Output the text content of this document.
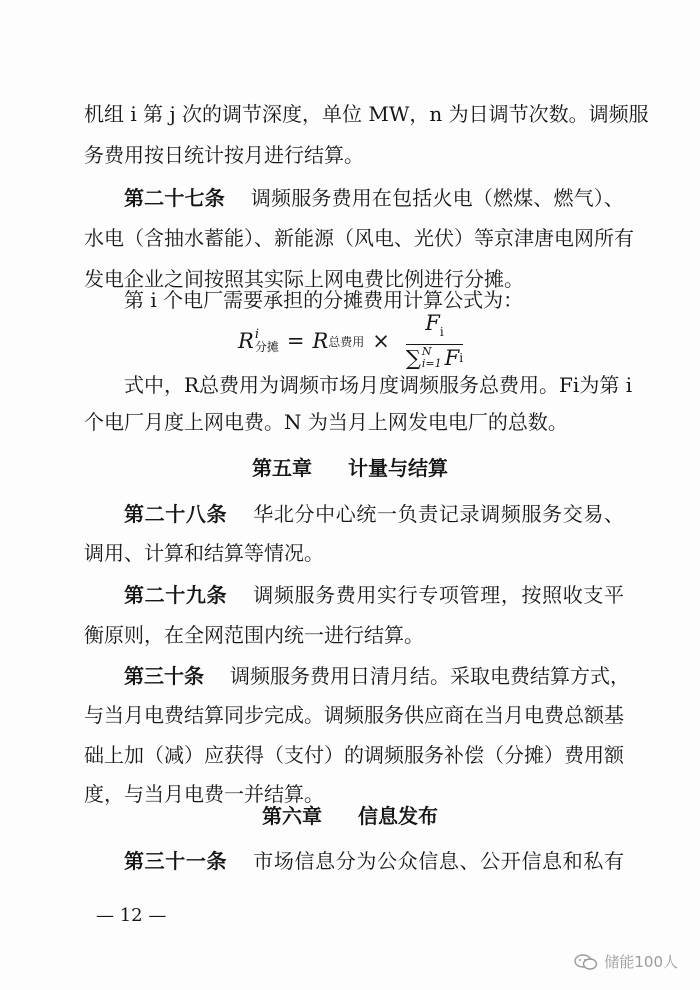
机组 i 第 j 次的调节深度，单位 MW，n 为日调节次数。调频服

务费用按日统计按月进行结算。

第二十七条 调频服务费用在包括火电（燃煤、燃气）、

水电（含抽水蓄能）、新能源（风电、光伏）等京津唐电网所有

发电企业之间按照其实际上网电费比例进行分摊。

第 i 个电厂需要承担的分摊费用计算公式为：

R i
分摊 = R 总费用 × $F_i$
∑ N
i=1 F i

式中，R总费用为调频市场月度调频服务总费用。Fi为第 i

个电厂月度上网电费。N 为当月上网发电电厂的总数。

第五章 计量与结算

第二十八条 华北分中心统一负责记录调频服务交易、

调用、计算和结算等情况。

第二十九条 调频服务费用实行专项管理，按照收支平

衡原则，在全网范围内统一进行结算。

第三十条 调频服务费用日清月结。采取电费结算方式，

与当月电费结算同步完成。调频服务供应商在当月电费总额基

础上加（减）应获得（支付）的调频服务补偿（分摊）费用额

度，与当月电费一并结算。

第六章 信息发布

第三十一条 市场信息分为公众信息、公开信息和私有

— 12 —
储能100人
